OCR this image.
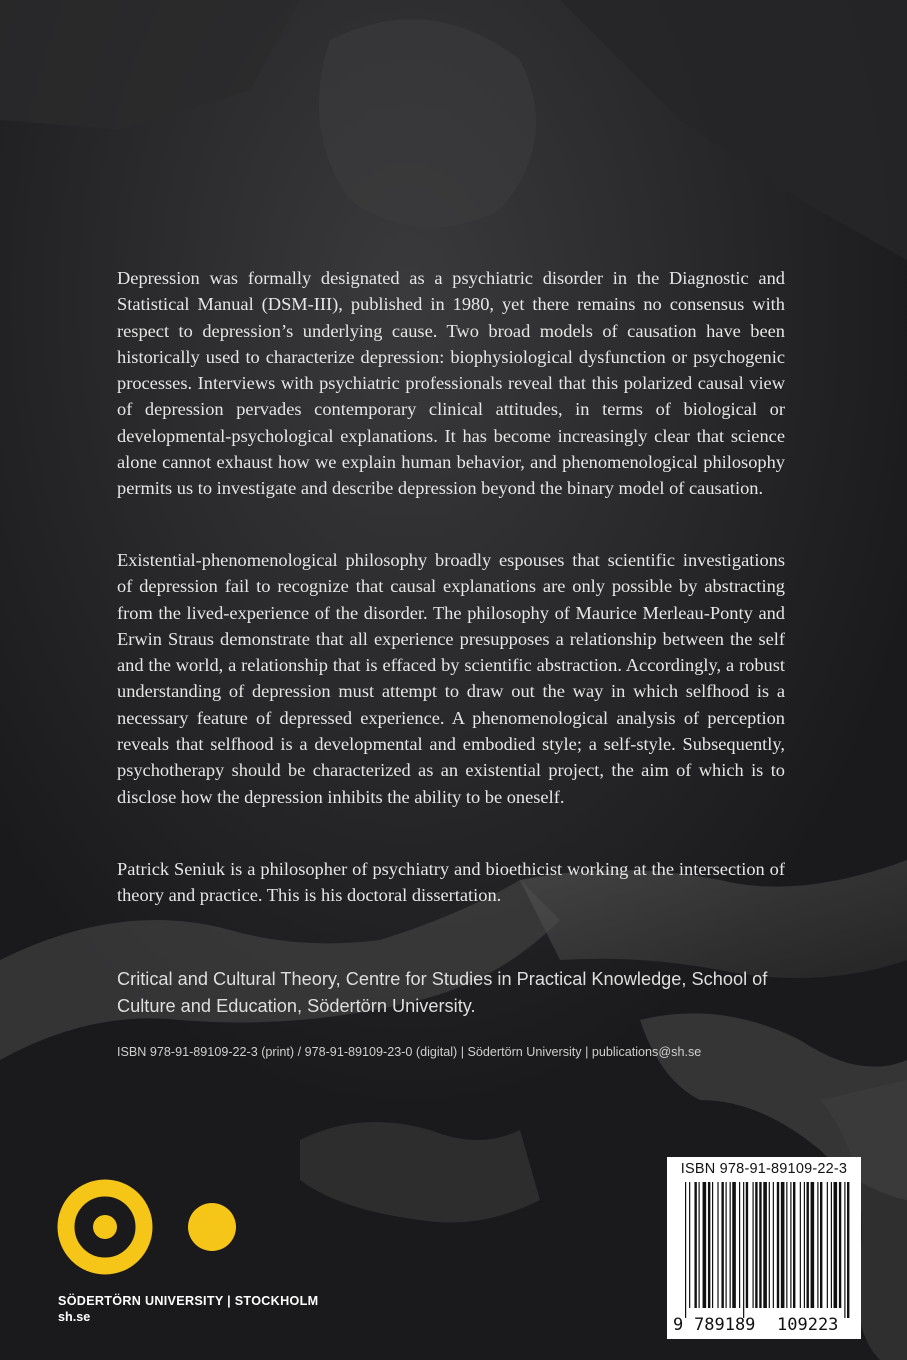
Depression was formally designated as a psychiatric disorder in the Diagnostic and Statistical Manual (DSM-III), published in 1980, yet there remains no consensus with respect to depression’s underlying cause. Two broad models of causation have been historically used to characterize depression: biophysiological dysfunction or psychogenic processes. Interviews with psychiatric professionals reveal that this polarized causal view of depression pervades contemporary clinical attitudes, in terms of biological or developmental-psychological explanations. It has become increasingly clear that science alone cannot exhaust how we explain human behavior, and phenomenological philosophy permits us to investigate and describe depression beyond the binary model of causation.

Existential-phenomenological philosophy broadly espouses that scientific investigations of depression fail to recognize that causal explanations are only possible by abstracting from the lived-experience of the disorder. The philosophy of Maurice Merleau-Ponty and Erwin Straus demonstrate that all experience presupposes a relationship between the self and the world, a relationship that is effaced by scientific abstraction. Accordingly, a robust understanding of depression must attempt to draw out the way in which selfhood is a necessary feature of depressed experience. A phenomenological analysis of perception reveals that selfhood is a developmental and embodied style; a self-style. Subsequently, psychotherapy should be characterized as an existential project, the aim of which is to disclose how the depression inhibits the ability to be oneself.

Patrick Seniuk is a philosopher of psychiatry and bioethicist working at the intersection of theory and practice. This is his doctoral dissertation.

Critical and Cultural Theory, Centre for Studies in Practical Knowledge, School of Culture and Education, Södertörn University.

ISBN 978-91-89109-22-3 (print) / 978-91-89109-23-0 (digital) | Södertörn University | publications@sh.se

ISBN 978-91-89109-22-3
9 789189 109223
SÖDERTÖRN UNIVERSITY | STOCKHOLM
sh.se
